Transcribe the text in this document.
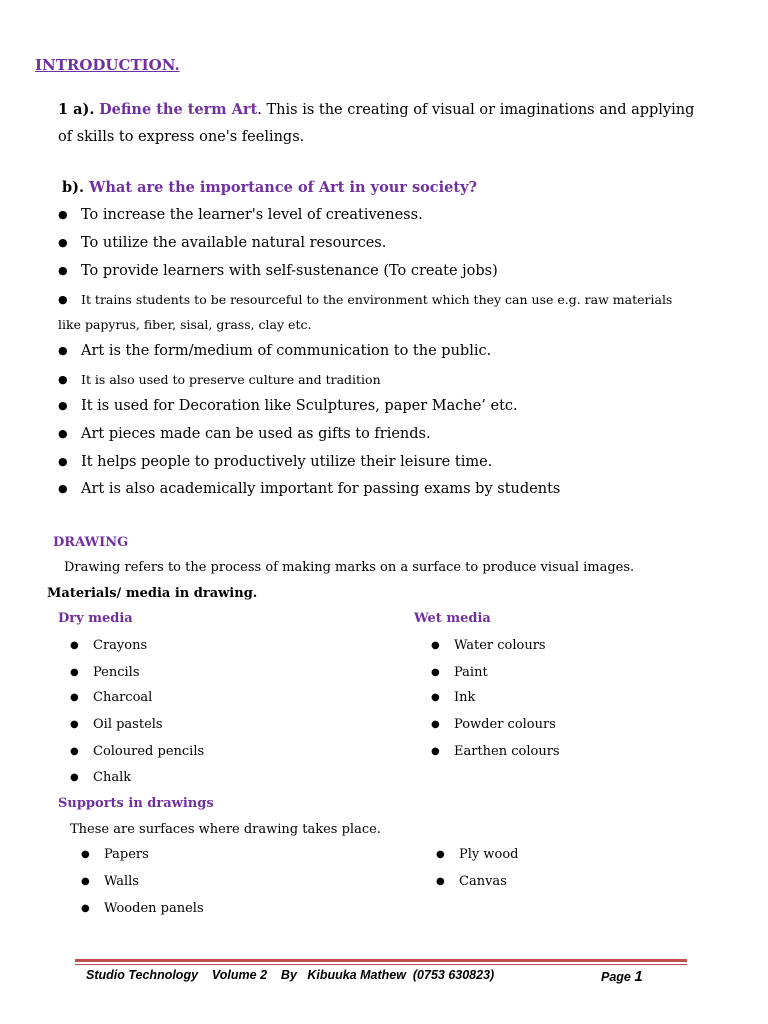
INTRODUCTION.
1 a). Define the term Art. This is the creating of visual or imaginations and applying of skills to express one's feelings.
b). What are the importance of Art in your society?
● To increase the learner's level of creativeness.
● To utilize the available natural resources.
● To provide learners with self-sustenance (To create jobs)
● It trains students to be resourceful to the environment which they can use e.g. raw materials
like papyrus, fiber, sisal, grass, clay etc.
● Art is the form/medium of communication to the public.
● It is also used to preserve culture and tradition
● It is used for Decoration like Sculptures, paper Mache’ etc.
● Art pieces made can be used as gifts to friends.
● It helps people to productively utilize their leisure time.
● Art is also academically important for passing exams by students
DRAWING
Drawing refers to the process of making marks on a surface to produce visual images.
Materials/ media in drawing.
Dry media	Wet media
● Crayons
● Pencils
● Charcoal
● Oil pastels
● Coloured pencils
● Chalk
● Water colours
● Paint
● Ink
● Powder colours
● Earthen colours
Supports in drawings
These are surfaces where drawing takes place.
● Papers
● Walls
● Wooden panels
● Ply wood
● Canvas
Studio Technology    Volume 2    By   Kibuuka Mathew  (0753 630823)	Page 1
